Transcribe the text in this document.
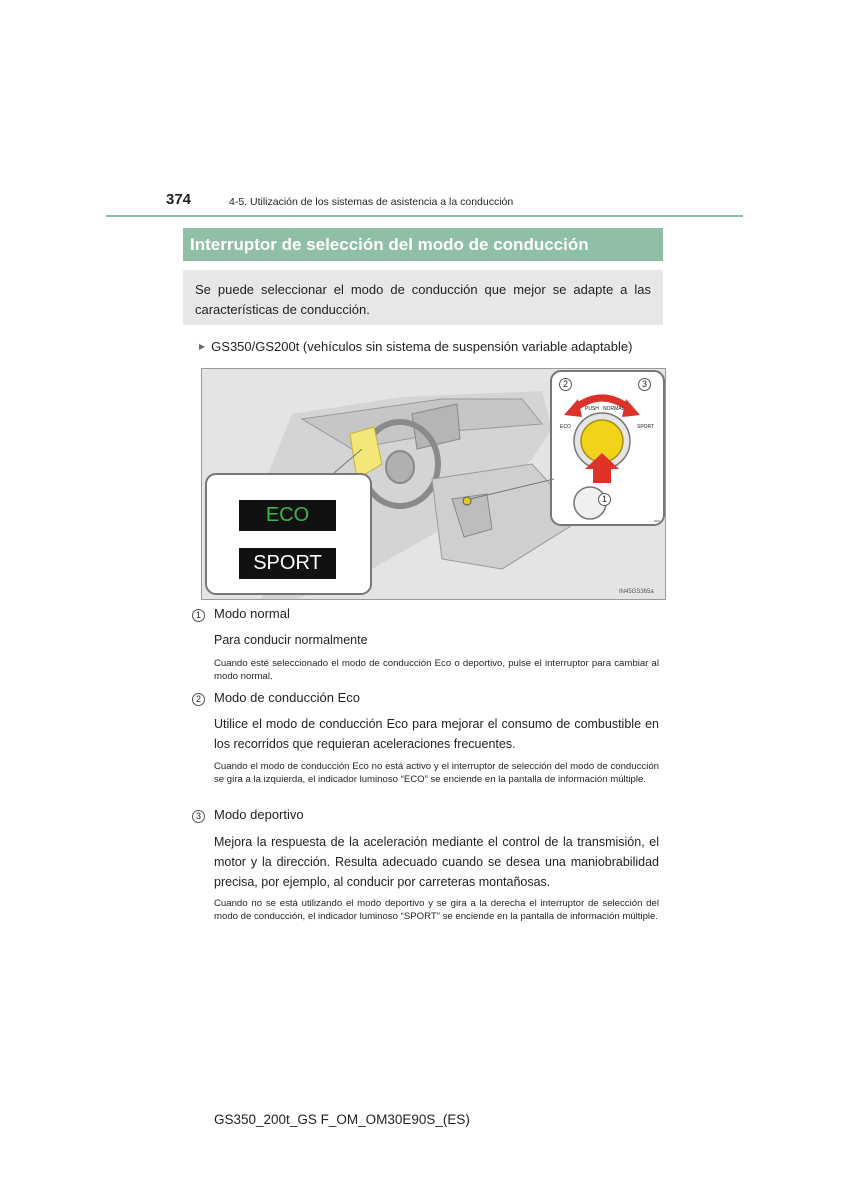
374	4-5. Utilización de los sistemas de asistencia a la conducción
Interruptor de selección del modo de conducción
Se puede seleccionar el modo de conducción que mejor se adapte a las características de conducción.
▶ GS350/GS200t (vehículos sin sistema de suspensión variable adaptable)
ECO
SPORT
PUSH NORMAL
ECO	SPORT
2	3
1
IN45GS365a
1	Modo normal
Para conducir normalmente
Cuando esté seleccionado el modo de conducción Eco o deportivo, pulse el interruptor para cambiar al modo normal.
2	Modo de conducción Eco
Utilice el modo de conducción Eco para mejorar el consumo de combustible en los recorridos que requieran aceleraciones frecuentes.
Cuando el modo de conducción Eco no está activo y el interruptor de selección del modo de conducción se gira a la izquierda, el indicador luminoso “ECO” se enciende en la pantalla de información múltiple.
3	Modo deportivo
Mejora la respuesta de la aceleración mediante el control de la transmisión, el motor y la dirección. Resulta adecuado cuando se desea una maniobrabilidad precisa, por ejemplo, al conducir por carreteras montañosas.
Cuando no se está utilizando el modo deportivo y se gira a la derecha el interruptor de selección del modo de conducción, el indicador luminoso “SPORT” se enciende en la pantalla de información múltiple.
GS350_200t_GS F_OM_OM30E90S_(ES)
